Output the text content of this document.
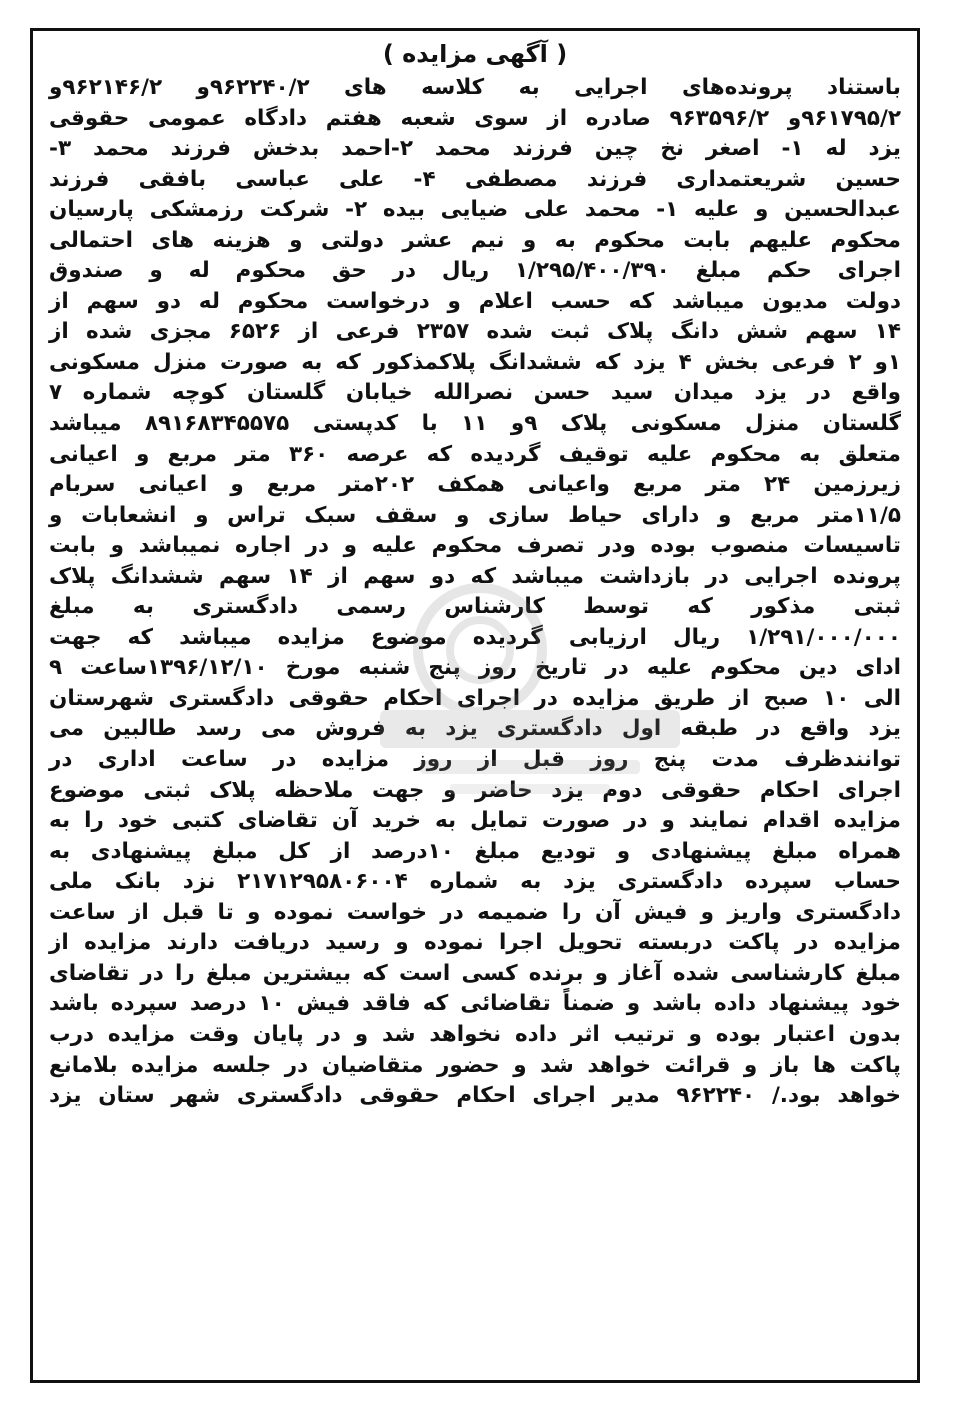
( آگهی مزایده )
باستناد پرونده‌های اجرایی به کلاسه های ۹۶۲۲۴۰/۲و ۹۶۲۱۴۶/۲و
۹۶۱۷۹۵/۲و ۹۶۳۵۹۶/۲ صادره از سوی شعبه هفتم دادگاه عمومی حقوقی
یزد له ۱- اصغر نخ چین فرزند محمد ۲-احمد بدخش فرزند محمد ۳-
حسین شریعتمداری فرزند مصطفی ۴- علی عباسی بافقی فرزند
عبدالحسین و علیه ۱- محمد علی ضیایی بیده ۲- شرکت رزمشکی پارسیان
محکوم علیهم بابت محکوم به و نیم عشر دولتی و هزینه های احتمالی
اجرای حکم مبلغ ۱/۲۹۵/۴۰۰/۳۹۰ ریال در حق محکوم له و صندوق
دولت مدیون میباشد که حسب اعلام و درخواست محکوم له دو سهم از
۱۴ سهم شش دانگ پلاک ثبت شده ۲۳۵۷ فرعی از ۶۵۲۶ مجزی شده از
۱و ۲ فرعی بخش ۴ یزد که ششدانگ پلاکمذکور که به صورت منزل مسکونی
واقع در یزد میدان سید حسن نصرالله خیابان گلستان کوچه شماره ۷
گلستان منزل مسکونی پلاک ۹و ۱۱ با کدپستی ۸۹۱۶۸۳۴۵۵۷۵ میباشد
متعلق به محکوم علیه توقیف گردیده که عرصه ۳۶۰ متر مربع و اعیانی
زیرزمین ۲۴ متر مربع واعیانی همکف ۲۰۲متر مربع و اعیانی سربام
۱۱/۵متر مربع و دارای حیاط سازی و سقف سبک تراس و انشعابات و
تاسیسات منصوب بوده ودر تصرف محکوم علیه و در اجاره نمیباشد و بابت
پرونده اجرایی در بازداشت میباشد که دو سهم از ۱۴ سهم ششدانگ پلاک
ثبتی مذکور که توسط کارشناس رسمی دادگستری به مبلغ
۱/۲۹۱/۰۰۰/۰۰۰ ریال ارزیابی گردیده موضوع مزایده میباشد که جهت
ادای دین محکوم علیه در تاریخ روز پنج شنبه مورخ ۱۳۹۶/۱۲/۱۰ساعت ۹
الی ۱۰ صبح از طریق مزایده در اجرای احکام حقوقی دادگستری شهرستان
یزد واقع در طبقه اول دادگستری یزد به فروش می رسد طالبین می
توانندظرف مدت پنج روز قبل از روز مزایده در ساعت اداری در
اجرای احکام حقوقی دوم یزد حاضر و جهت ملاحظه پلاک ثبتی موضوع
مزایده اقدام نمایند و در صورت تمایل به خرید آن تقاضای کتبی خود را به
همراه مبلغ پیشنهادی و تودیع مبلغ ۱۰درصد از کل مبلغ پیشنهادی به
حساب سپرده دادگستری یزد به شماره ۲۱۷۱۲۹۵۸۰۶۰۰۴ نزد بانک ملی
دادگستری واریز و فیش آن را ضمیمه در خواست نموده و تا قبل از ساعت
مزایده در پاکت دربسته تحویل اجرا نموده و رسید دریافت دارند مزایده از
مبلغ کارشناسی شده آغاز و برنده کسی است که بیشترین مبلغ را در تقاضای
خود پیشنهاد داده باشد و ضمناً تقاضائی که فاقد فیش ۱۰ درصد سپرده باشد
بدون اعتبار بوده و ترتیب اثر داده نخواهد شد و در پایان وقت مزایده درب
پاکت ها باز و قرائت خواهد شد و حضور متقاضیان در جلسه مزایده بلامانع
خواهد بود./ ۹۶۲۲۴۰ مدیر اجرای احکام حقوقی دادگستری شهر ستان یزد
